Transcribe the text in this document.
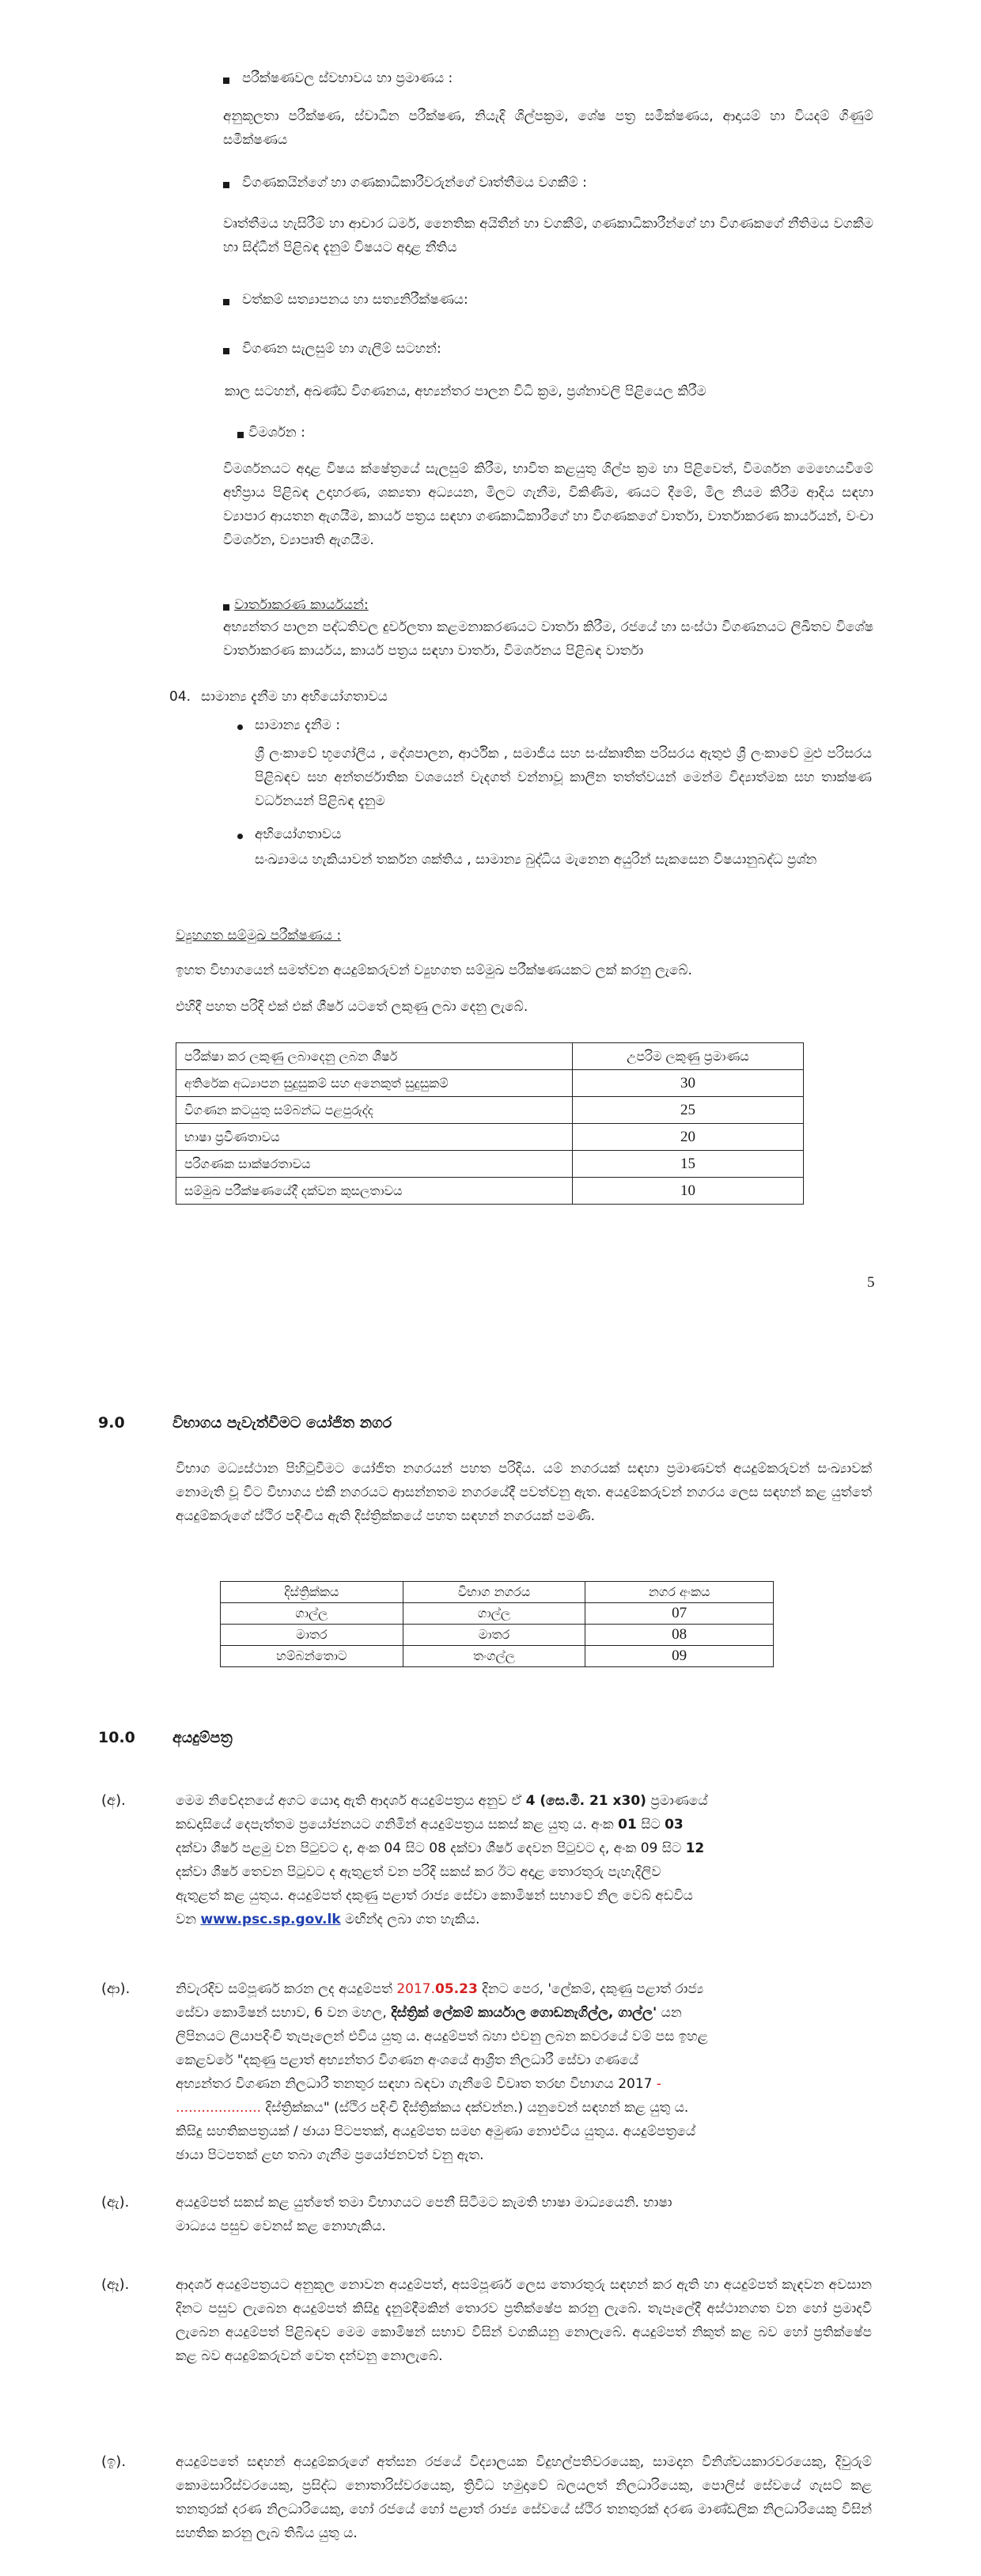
පරීක්ෂණවල ස්වභාවය හා ප්‍රමාණය :
අනුකූලතා පරීක්ෂණ, ස්වාධීන පරීක්ෂණ, නියැදි ශිල්පක්‍රම, ශේෂ පත්‍ර සමීක්ෂණය, ආදායම් හා වියදම් ගිණුම් සමීක්ෂණය
විගණකයින්ගේ හා ගණකාධිකාරීවරුන්ගේ වෘත්තීමය වගකීම් :
වෘත්තීමය හැසිරීම් හා ආචාර ධර්ම, නෛතික අයිතීන් හා වගකීම්, ගණකාධිකාරීන්ගේ හා විගණකගේ නීතිමය වගකීම හා සිද්ධීන් පිළිබඳ දැනුම් විෂයට අදාළ නීතිය
වත්කම් සත්‍යාපනය හා සත්‍යනිරීක්ෂණය:
විගණන සැලසුම් හා ගැලීම් සටහන්:
කාල සටහන්, අඛණ්ඩ විගණනය, අභ්‍යන්තර පාලන විධි ක්‍රම, ප්‍රශ්නාවලි පිළියෙල කිරීම
විමර්ශන :
විමර්ශනයට අදාළ විෂය ක්ෂේත්‍රයේ සැලසුම් කිරීම, භාවිත කළයුතු ශිල්ප ක්‍රම හා පිළිවෙත්, විමර්ශන මෙහෙයවීමේ අභිප්‍රාය පිළිබඳ උදාහරණ, ශක්‍යතා අධ්‍යයන, මිලට ගැනීම, විකිණීම, ණයට දීමේ, මිල නියම කිරීම ආදිය සඳහා ව්‍යාපාර ආයතන ඇගයීම, කාර්ය පත්‍රය සඳහා ගණකාධිකාරීගේ හා විගණකගේ වාර්තා, වාර්තාකරණ කාර්යයන්, වංචා විමර්ශන, ව්‍යාපෘති ඇගයීම.
වාර්තාකරණ කාර්යයන්:
අභ්‍යන්තර පාලන පද්ධතිවල දුර්වලතා කළමනාකරණයට වාර්තා කිරීම, රජයේ හා සංස්ථා විගණනයට ලිඛිතව විශේෂ වාර්තාකරණ කාර්යය, කාර්ය පත්‍රය සඳහා වාර්තා, විමර්ශනය පිළිබඳ වාර්තා
04. සාමාන්‍ය දැනීම හා අභියෝගතාවය
සාමාන්‍ය දැනීම :
ශ්‍රී ලංකාවේ භූගෝලීය , දේශපාලන, ආර්ථික , සමාජීය සහ සංස්කෘතික පරිසරය ඇතුළු ශ්‍රී ලංකාවේ මුළු පරිසරය පිළිබඳව සහ අන්තර්ජාතික වශයෙන් වැදගත් වන්නාවූ කාලීන තත්ත්වයන් මෙන්ම විද්‍යාත්මක සහ තාක්ෂණ වර්ධනයන් පිළිබඳ දැනුම
අභියෝගතාවය
සංඛ්‍යාමය හැකියාවන් තර්කන ශක්තිය , සාමාන්‍ය බුද්ධිය මැනෙන අයුරින් සැකසෙන විෂයානුබද්ධ ප්‍රශ්න
ව්‍යුහගත සම්මුඛ පරීක්ෂණය :
ඉහත විභාගයෙන් සමත්වන අයදුම්කරුවන් ව්‍යුහගත සම්මුඛ පරීක්ෂණයකට ලක් කරනු ලැබේ.
එහිදී පහත පරිදි එක් එක් ශීර්ෂ යටතේ ලකුණු ලබා දෙනු ලැබේ.
පරීක්ෂා කර ලකුණු ලබාදෙනු ලබන ශීර්ෂ	උපරිම ලකුණු ප්‍රමාණය
අතිරේක අධ්‍යාපන සුදුසුකම් සහ අනෙකුත් සුදුසුකම්	30
විගණන කටයුතු සම්බන්ධ පළපුරුද්ද	25
භාෂා ප්‍රවීණතාවය	20
පරිගණක සාක්ෂරතාවය	15
සම්මුඛ පරීක්ෂණයේදී දක්වන කුසලතාවය	10
5
9.0	විභාගය පැවැත්වීමට යෝජිත නගර
විභාග මධ්‍යස්ථාන පිහිටුවීමට යෝජිත නගරයන් පහත පරිදිය. යම් නගරයක් සඳහා ප්‍රමාණවත් අයදුම්කරුවන් සංඛ්‍යාවක් නොමැති වූ විට විභාගය එකී නගරයට ආසන්නතම නගරයේදී පවත්වනු ඇත. අයදුම්කරුවන් නගරය ලෙස සඳහන් කළ යුත්තේ අයදුම්කරුගේ ස්ථිර පදිංචිය ඇති දිස්ත්‍රික්කයේ පහත සඳහන් නගරයක් පමණි.
දිස්ත්‍රික්කය	විභාග නගරය	නගර අංකය
ගාල්ල	ගාල්ල	07
මාතර	මාතර	08
හම්බන්තොට	තංගල්ල	09
10.0 අයදුම්පත්‍ර
(අ).	මෙම නිවේදනයේ අගට යොදා ඇති ආදර්ශ අයදුම්පත්‍රය අනුව ඒ 4 (සෙ.මී. 21 x30) ප්‍රමාණයේ
කඩදාසියේ දෙපැත්තම ප්‍රයෝජනයට ගනිමින් අයදුම්පත්‍රය සකස් කළ යුතු ය. අංක 01 සිට 03
දක්වා ශීර්ෂ පළමු වන පිටුවට ද, අංක 04 සිට 08 දක්වා ශීර්ෂ දෙවන පිටුවට ද, අංක 09 සිට 12
දක්වා ශීර්ෂ තෙවන පිටුවට ද ඇතුළත් වන පරිදි සකස් කර ඊට අදාළ තොරතුරු පැහැදිලිව
ඇතුළත් කළ යුතුය. අයදුම්පත් දකුණු පළාත් රාජ්‍ය සේවා කොමිෂන් සභාවේ නිල වෙබ් අඩවිය
වන www.psc.sp.gov.lk මඟින්ද ලබා ගත හැකිය.
(ආ).	නිවැරදිව සම්පූර්ණ කරන ලද අයදුම්පත් 2017.05.23 දිනට පෙර, 'ලේකම්, දකුණු පළාත් රාජ්‍ය
සේවා කොමිෂන් සභාව, 6 වන මහල, දිස්ත්‍රික් ලේකම් කාර්යාල ගොඩනැගිල්ල, ගාල්ල' යන
ලිපිනයට ලියාපදිංචි තැපෑලෙන් එවිය යුතු ය. අයදුම්පත් බහා එවනු ලබන කවරයේ වම් පස ඉහළ
කෙළවරේ "දකුණු පළාත් අභ්‍යන්තර විගණන අංශයේ ආශ්‍රිත නිලධාරී සේවා ගණයේ
අභ්‍යන්තර විගණන නිලධාරී තනතුර සඳහා බඳවා ගැනීමේ විවෘත තරඟ විභාගය 2017 -
.................... දිස්ත්‍රික්කය" (ස්ථිර පදිංචි දිස්ත්‍රික්කය දක්වන්න.) යනුවෙන් සඳහන් කළ යුතු ය.
කිසිදු සහතිකපත්‍රයක් / ඡායා පිටපතක්, අයදුම්පත සමඟ අමුණා නොඑවිය යුතුය. අයදුම්පත්‍රයේ
ඡායා පිටපතක් ළඟ තබා ගැනීම ප්‍රයෝජනවත් වනු ඇත.
(ඇ).	අයදුම්පත් සකස් කළ යුත්තේ තමා විභාගයට පෙනී සිටීමට කැමති භාෂා මාධ්‍යයෙනි. භාෂා
මාධ්‍යය පසුව වෙනස් කළ නොහැකිය.
(ඈ).	ආදර්ශ අයදුම්පත්‍රයට අනුකූල නොවන අයදුම්පත්, අසම්පූර්ණ ලෙස තොරතුරු සඳහන් කර ඇති හා අයදුම්පත් කැඳවන අවසාන දිනට පසුව ලැබෙන අයදුම්පත් කිසිදු දැනුම්දීමකින් තොරව ප්‍රතික්ෂේප කරනු ලැබේ. තැපෑලේදී අස්ථානගත වන හෝ ප්‍රමාදවී ලැබෙන අයදුම්පත් පිළිබඳව මෙම කොමිෂන් සභාව විසින් වගකියනු නොලැබේ. අයදුම්පත් නිකුත් කළ බව හෝ ප්‍රතික්ෂේප කළ බව අයදුම්කරුවන් වෙත දන්වනු නොලැබේ.
(ඉ).	අයදුම්පතේ සඳහන් අයදුම්කරුගේ අත්සන රජයේ විද්‍යාලයක විදුහල්පතිවරයෙකු, සාමදාන විනිශ්චයකාරවරයෙකු, දිවුරුම් කොමසාරිස්වරයෙකු, ප්‍රසිද්ධ නොතාරිස්වරයෙකු, ත්‍රිවිධ හමුදාවේ බලයලත් නිලධාරියෙකු, පොලිස් සේවයේ ගැසට් කළ තනතුරක් දරණ නිලධාරියෙකු, හෝ රජයේ හෝ පළාත් රාජ්‍ය සේවයේ ස්ථිර තනතුරක් දරණ මාණ්ඩලික නිලධාරියෙකු විසින් සහතික කරනු ලැබ තිබිය යුතු ය.
